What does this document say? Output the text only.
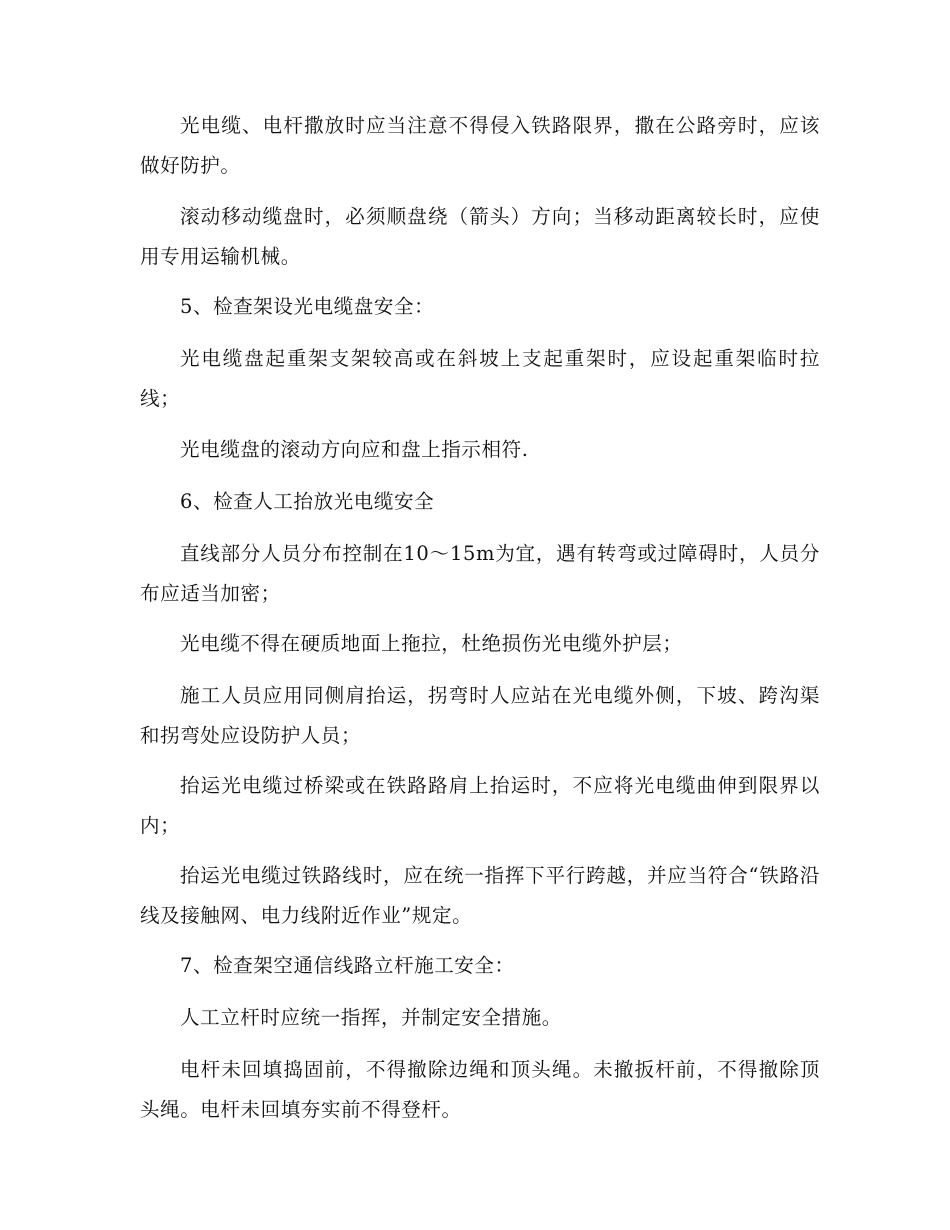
光电缆、电杆撒放时应当注意不得侵入铁路限界，撒在公路旁时，应该做好防护。

滚动移动缆盘时，必须顺盘绕（箭头）方向；当移动距离较长时，应使用专用运输机械。

5、检查架设光电缆盘安全：

光电缆盘起重架支架较高或在斜坡上支起重架时，应设起重架临时拉线；

光电缆盘的滚动方向应和盘上指示相符.

6、检查人工抬放光电缆安全

直线部分人员分布控制在10～15m为宜，遇有转弯或过障碍时，人员分布应适当加密；

光电缆不得在硬质地面上拖拉，杜绝损伤光电缆外护层；

施工人员应用同侧肩抬运，拐弯时人应站在光电缆外侧，下坡、跨沟渠和拐弯处应设防护人员；

抬运光电缆过桥梁或在铁路路肩上抬运时，不应将光电缆曲伸到限界以内；

抬运光电缆过铁路线时，应在统一指挥下平行跨越，并应当符合“铁路沿线及接触网、电力线附近作业”规定。

7、检查架空通信线路立杆施工安全：

人工立杆时应统一指挥，并制定安全措施。

电杆未回填捣固前，不得撤除边绳和顶头绳。未撤扳杆前，不得撤除顶头绳。电杆未回填夯实前不得登杆。
